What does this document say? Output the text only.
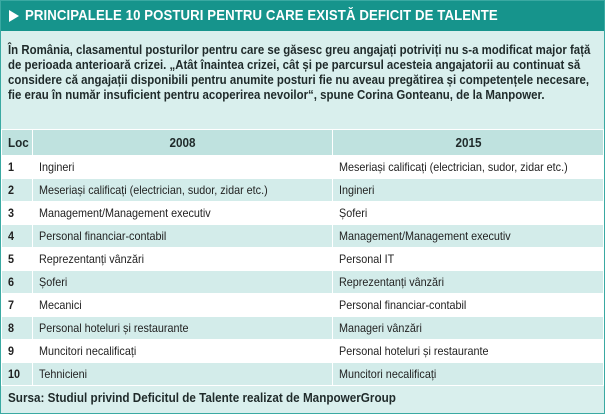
PRINCIPALELE 10 POSTURI PENTRU CARE EXISTĂ DEFICIT DE TALENTE
În România, clasamentul posturilor pentru care se găsesc greu angajați potriviți nu s-a modificat major față de perioada anterioară crizei. „Atât înaintea crizei, cât și pe parcursul acesteia angajatorii au continuat să considere că angajații disponibili pentru anumite posturi fie nu aveau pregătirea și competențele necesare, fie erau în număr insuficient pentru acoperirea nevoilor“, spune Corina Gonteanu, de la Manpower.
Loc	2008	2015
1	Ingineri	Meseriași calificați (electrician, sudor, zidar etc.)
2	Meseriași calificați (electrician, sudor, zidar etc.)	Ingineri
3	Management/Management executiv	Șoferi
4	Personal financiar-contabil	Management/Management executiv
5	Reprezentanți vânzări	Personal IT
6	Șoferi	Reprezentanți vânzări
7	Mecanici	Personal financiar-contabil
8	Personal hoteluri și restaurante	Manageri vânzări
9	Muncitori necalificați	Personal hoteluri și restaurante
10	Tehnicieni	Muncitori necalificați
Sursa: Studiul privind Deficitul de Talente realizat de ManpowerGroup
